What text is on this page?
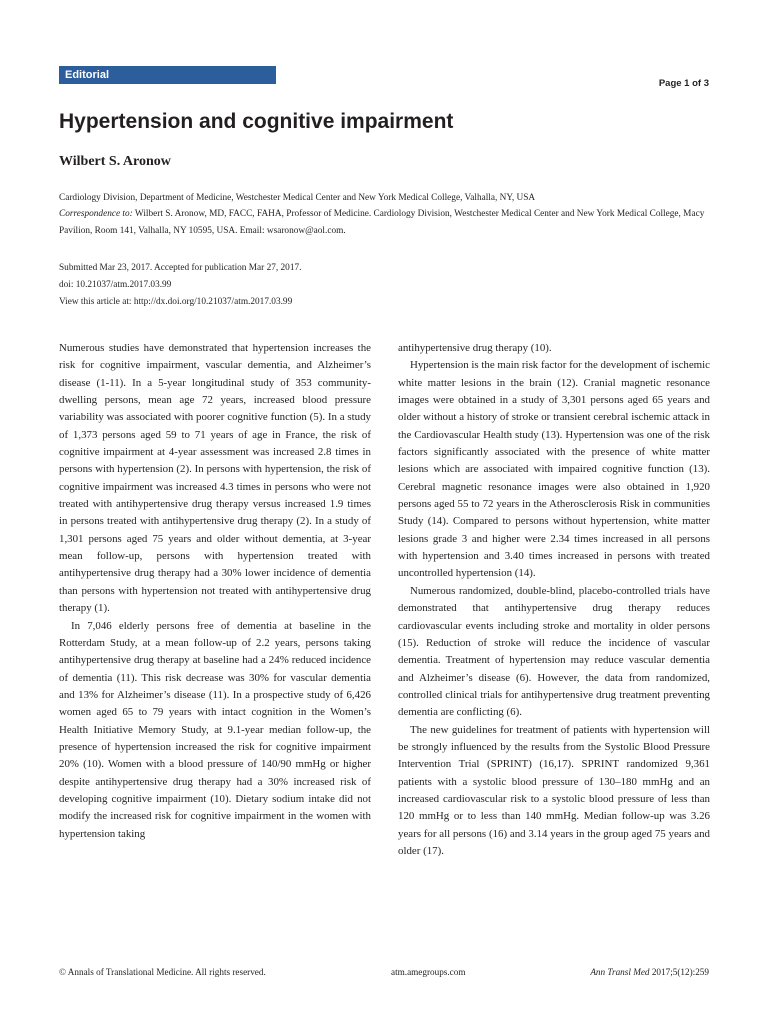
Editorial
Page 1 of 3
Hypertension and cognitive impairment
Wilbert S. Aronow
Cardiology Division, Department of Medicine, Westchester Medical Center and New York Medical College, Valhalla, NY, USA
Correspondence to: Wilbert S. Aronow, MD, FACC, FAHA, Professor of Medicine. Cardiology Division, Westchester Medical Center and New York Medical College, Macy Pavilion, Room 141, Valhalla, NY 10595, USA. Email: wsaronow@aol.com.
Submitted Mar 23, 2017. Accepted for publication Mar 27, 2017.
doi: 10.21037/atm.2017.03.99
View this article at: http://dx.doi.org/10.21037/atm.2017.03.99

Numerous studies have demonstrated that hypertension increases the risk for cognitive impairment, vascular dementia, and Alzheimer’s disease (1-11). In a 5-year longitudinal study of 353 community-dwelling persons, mean age 72 years, increased blood pressure variability was associated with poorer cognitive function (5). In a study of 1,373 persons aged 59 to 71 years of age in France, the risk of cognitive impairment at 4-year assessment was increased 2.8 times in persons with hypertension (2). In persons with hypertension, the risk of cognitive impairment was increased 4.3 times in persons who were not treated with antihypertensive drug therapy versus increased 1.9 times in persons treated with antihypertensive drug therapy (2). In a study of 1,301 persons aged 75 years and older without dementia, at 3-year mean follow-up, persons with hypertension treated with antihypertensive drug therapy had a 30% lower incidence of dementia than persons with hypertension not treated with antihypertensive drug therapy (1).

In 7,046 elderly persons free of dementia at baseline in the Rotterdam Study, at a mean follow-up of 2.2 years, persons taking antihypertensive drug therapy at baseline had a 24% reduced incidence of dementia (11). This risk decrease was 30% for vascular dementia and 13% for Alzheimer’s disease (11). In a prospective study of 6,426 women aged 65 to 79 years with intact cognition in the Women’s Health Initiative Memory Study, at 9.1-year median follow-up, the presence of hypertension increased the risk for cognitive impairment 20% (10). Women with a blood pressure of 140/90 mmHg or higher despite antihypertensive drug therapy had a 30% increased risk of developing cognitive impairment (10). Dietary sodium intake did not modify the increased risk for cognitive impairment in the women with hypertension taking

antihypertensive drug therapy (10).

Hypertension is the main risk factor for the development of ischemic white matter lesions in the brain (12). Cranial magnetic resonance images were obtained in a study of 3,301 persons aged 65 years and older without a history of stroke or transient cerebral ischemic attack in the Cardiovascular Health study (13). Hypertension was one of the risk factors significantly associated with the presence of white matter lesions which are associated with impaired cognitive function (13). Cerebral magnetic resonance images were also obtained in 1,920 persons aged 55 to 72 years in the Atherosclerosis Risk in communities Study (14). Compared to persons without hypertension, white matter lesions grade 3 and higher were 2.34 times increased in all persons with hypertension and 3.40 times increased in persons with treated uncontrolled hypertension (14).

Numerous randomized, double-blind, placebo-controlled trials have demonstrated that antihypertensive drug therapy reduces cardiovascular events including stroke and mortality in older persons (15). Reduction of stroke will reduce the incidence of vascular dementia. Treatment of hypertension may reduce vascular dementia and Alzheimer’s disease (6). However, the data from randomized, controlled clinical trials for antihypertensive drug treatment preventing dementia are conflicting (6).

The new guidelines for treatment of patients with hypertension will be strongly influenced by the results from the Systolic Blood Pressure Intervention Trial (SPRINT) (16,17). SPRINT randomized 9,361 patients with a systolic blood pressure of 130–180 mmHg and an increased cardiovascular risk to a systolic blood pressure of less than 120 mmHg or to less than 140 mmHg. Median follow-up was 3.26 years for all persons (16) and 3.14 years in the group aged 75 years and older (17).

© Annals of Translational Medicine. All rights reserved.	atm.amegroups.com	Ann Transl Med 2017;5(12):259
